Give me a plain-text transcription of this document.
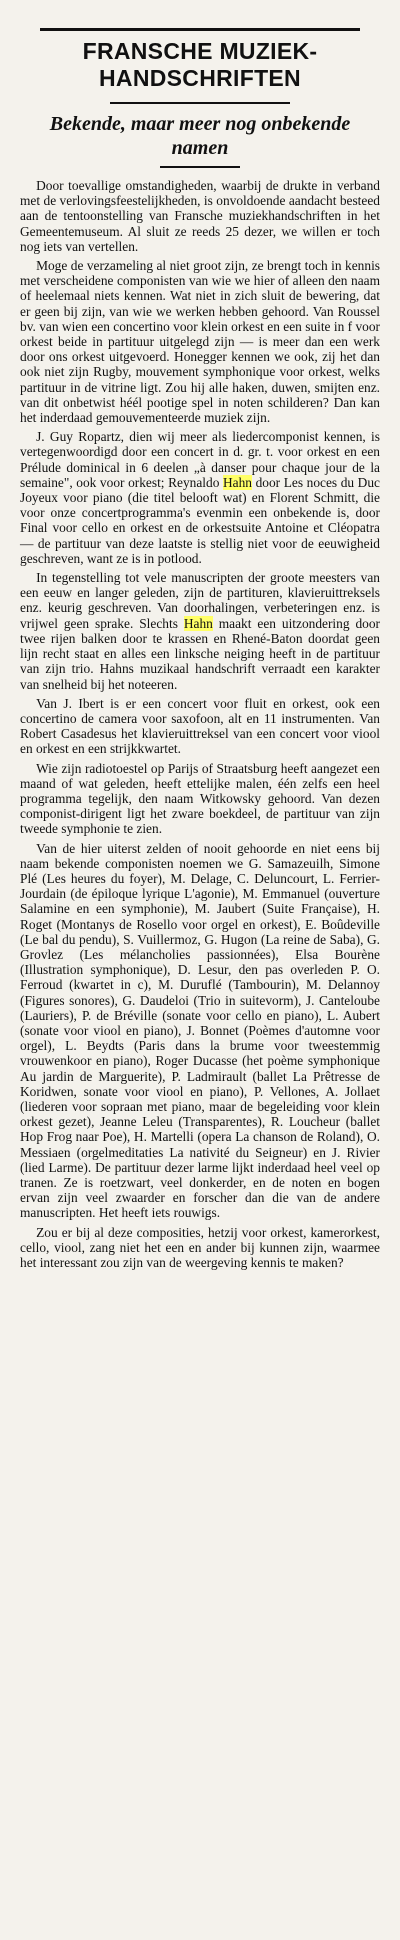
FRANSCHE MUZIEK-HANDSCHRIFTEN
Bekende, maar meer nog onbekende namen

Door toevallige omstandigheden, waarbij de drukte in verband met de verlovingsfeestelijkheden, is onvoldoende aandacht besteed aan de tentoonstelling van Fransche muziekhandschriften in het Gemeentemuseum. Al sluit ze reeds 25 dezer, we willen er toch nog iets van vertellen.

Moge de verzameling al niet groot zijn, ze brengt toch in kennis met verscheidene componisten van wie we hier of alleen den naam of heelemaal niets kennen. Wat niet in zich sluit de bewering, dat er geen bij zijn, van wie we werken hebben gehoord. Van Roussel bv. van wien een concertino voor klein orkest en een suite in f voor orkest beide in partituur uitgelegd zijn — is meer dan een werk door ons orkest uitgevoerd. Honegger kennen we ook, zij het dan ook niet zijn Rugby, mouvement symphonique voor orkest, welks partituur in de vitrine ligt. Zou hij alle haken, duwen, smijten enz. van dit onbetwist héél pootige spel in noten schilderen? Dan kan het inderdaad gemouvementeerde muziek zijn.

J. Guy Ropartz, dien wij meer als liedercomponist kennen, is vertegenwoordigd door een concert in d. gr. t. voor orkest en een Prélude dominical in 6 deelen „à danser pour chaque jour de la semaine", ook voor orkest; Reynaldo Hahn door Les noces du Duc Joyeux voor piano (die titel belooft wat) en Florent Schmitt, die voor onze concertprogramma's evenmin een onbekende is, door Final voor cello en orkest en de orkestsuite Antoine et Cléopatra — de partituur van deze laatste is stellig niet voor de eeuwigheid geschreven, want ze is in potlood.

In tegenstelling tot vele manuscripten der groote meesters van een eeuw en langer geleden, zijn de partituren, klavieruittreksels enz. keurig geschreven. Van doorhalingen, verbeteringen enz. is vrijwel geen sprake. Slechts Hahn maakt een uitzondering door twee rijen balken door te krassen en Rhené-Baton doordat geen lijn recht staat en alles een linksche neiging heeft in de partituur van zijn trio. Hahns muzikaal handschrift verraadt een karakter van snelheid bij het noteeren.

Van J. Ibert is er een concert voor fluit en orkest, ook een concertino de camera voor saxofoon, alt en 11 instrumenten. Van Robert Casadesus het klavieruittreksel van een concert voor viool en orkest en een strijkkwartet.

Wie zijn radiotoestel op Parijs of Straatsburg heeft aangezet een maand of wat geleden, heeft ettelijke malen, één zelfs een heel programma tegelijk, den naam Witkowsky gehoord. Van dezen componist-dirigent ligt het zware boekdeel, de partituur van zijn tweede symphonie te zien.

Van de hier uiterst zelden of nooit gehoorde en niet eens bij naam bekende componisten noemen we G. Samazeuilh, Simone Plé (Les heures du foyer), M. Delage, C. Deluncourt, L. Ferrier-Jourdain (de épiloque lyrique L'agonie), M. Emmanuel (ouverture Salamine en een symphonie), M. Jaubert (Suite Française), H. Roget (Montanys de Rosello voor orgel en orkest), E. Boûdeville (Le bal du pendu), S. Vuillermoz, G. Hugon (La reine de Saba), G. Grovlez (Les mélancholies passionnées), Elsa Bourène (Illustration symphonique), D. Lesur, den pas overleden P. O. Ferroud (kwartet in c), M. Duruflé (Tambourin), M. Delannoy (Figures sonores), G. Daudeloi (Trio in suitevorm), J. Canteloube (Lauriers), P. de Bréville (sonate voor cello en piano), L. Aubert (sonate voor viool en piano), J. Bonnet (Poèmes d'automne voor orgel), L. Beydts (Paris dans la brume voor tweestemmig vrouwenkoor en piano), Roger Ducasse (het poème symphonique Au jardin de Marguerite), P. Ladmirault (ballet La Prêtresse de Koridwen, sonate voor viool en piano), P. Vellones, A. Jollaet (liederen voor sopraan met piano, maar de begeleiding voor klein orkest gezet), Jeanne Leleu (Transparentes), R. Loucheur (ballet Hop Frog naar Poe), H. Martelli (opera La chanson de Roland), O. Messiaen (orgelmeditaties La nativité du Seigneur) en J. Rivier (lied Larme). De partituur dezer larme lijkt inderdaad heel veel op tranen. Ze is roetzwart, veel donkerder, en de noten en bogen ervan zijn veel zwaarder en forscher dan die van de andere manuscripten. Het heeft iets rouwigs.

Zou er bij al deze composities, hetzij voor orkest, kamerorkest, cello, viool, zang niet het een en ander bij kunnen zijn, waarmee het interessant zou zijn van de weergeving kennis te maken?
